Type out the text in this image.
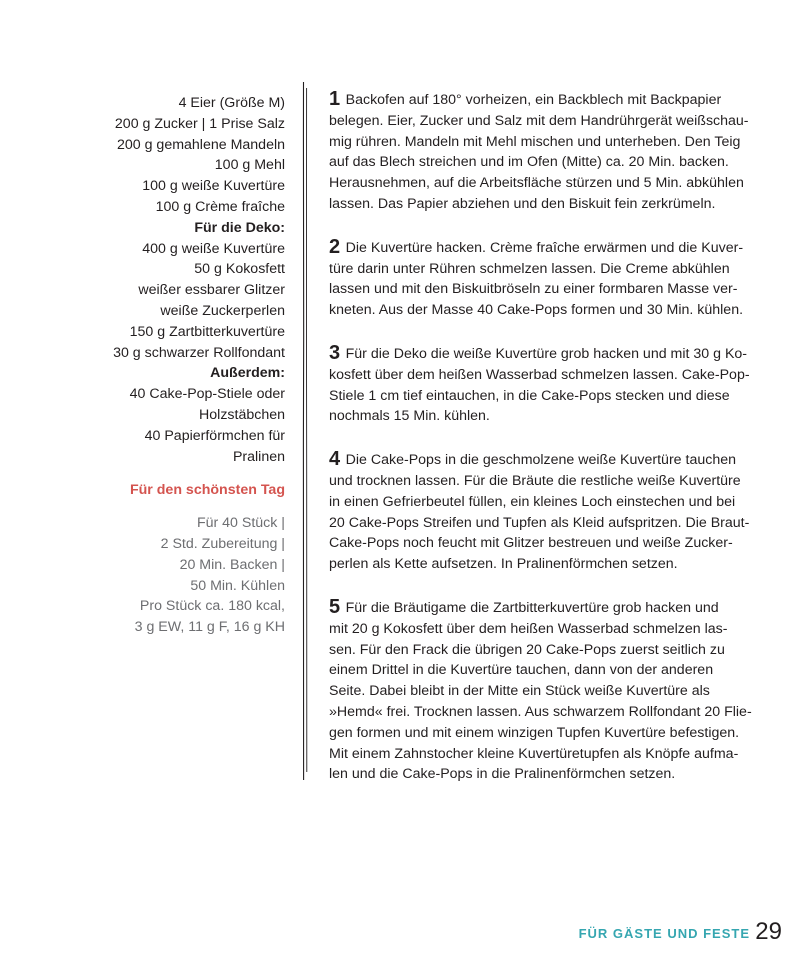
4 Eier (Größe M)
200 g Zucker | 1 Prise Salz
200 g gemahlene Mandeln
100 g Mehl
100 g weiße Kuvertüre
100 g Crème fraîche
Für die Deko:
400 g weiße Kuvertüre
50 g Kokosfett
weißer essbarer Glitzer
weiße Zuckerperlen
150 g Zartbitterkuvertüre
30 g schwarzer Rollfondant
Außerdem:
40 Cake-Pop-Stiele oder
Holzstäbchen
40 Papierförmchen für
Pralinen
Für den schönsten Tag
Für 40 Stück |
2 Std. Zubereitung |
20 Min. Backen |
50 Min. Kühlen
Pro Stück ca. 180 kcal,
3 g EW, 11 g F, 16 g KH
1 Backofen auf 180° vorheizen, ein Backblech mit Backpapier
belegen. Eier, Zucker und Salz mit dem Handrührgerät weißschau-
mig rühren. Mandeln mit Mehl mischen und unterheben. Den Teig
auf das Blech streichen und im Ofen (Mitte) ca. 20 Min. backen.
Herausnehmen, auf die Arbeitsfläche stürzen und 5 Min. abkühlen
lassen. Das Papier abziehen und den Biskuit fein zerkrümeln.
2 Die Kuvertüre hacken. Crème fraîche erwärmen und die Kuver-
türe darin unter Rühren schmelzen lassen. Die Creme abkühlen
lassen und mit den Biskuitbröseln zu einer formbaren Masse ver-
kneten. Aus der Masse 40 Cake-Pops formen und 30 Min. kühlen.
3 Für die Deko die weiße Kuvertüre grob hacken und mit 30 g Ko-
kosfett über dem heißen Wasserbad schmelzen lassen. Cake-Pop-
Stiele 1 cm tief eintauchen, in die Cake-Pops stecken und diese
nochmals 15 Min. kühlen.
4 Die Cake-Pops in die geschmolzene weiße Kuvertüre tauchen
und trocknen lassen. Für die Bräute die restliche weiße Kuvertüre
in einen Gefrierbeutel füllen, ein kleines Loch einstechen und bei
20 Cake-Pops Streifen und Tupfen als Kleid aufspritzen. Die Braut-
Cake-Pops noch feucht mit Glitzer bestreuen und weiße Zucker-
perlen als Kette aufsetzen. In Pralinenförmchen setzen.
5 Für die Bräutigame die Zartbitterkuvertüre grob hacken und
mit 20 g Kokosfett über dem heißen Wasserbad schmelzen las-
sen. Für den Frack die übrigen 20 Cake-Pops zuerst seitlich zu
einem Drittel in die Kuvertüre tauchen, dann von der anderen
Seite. Dabei bleibt in der Mitte ein Stück weiße Kuvertüre als
»Hemd« frei. Trocknen lassen. Aus schwarzem Rollfondant 20 Flie-
gen formen und mit einem winzigen Tupfen Kuvertüre befestigen.
Mit einem Zahnstocher kleine Kuvertüretupfen als Knöpfe aufma-
len und die Cake-Pops in die Pralinenförmchen setzen.
FÜR GÄSTE UND FESTE 29
